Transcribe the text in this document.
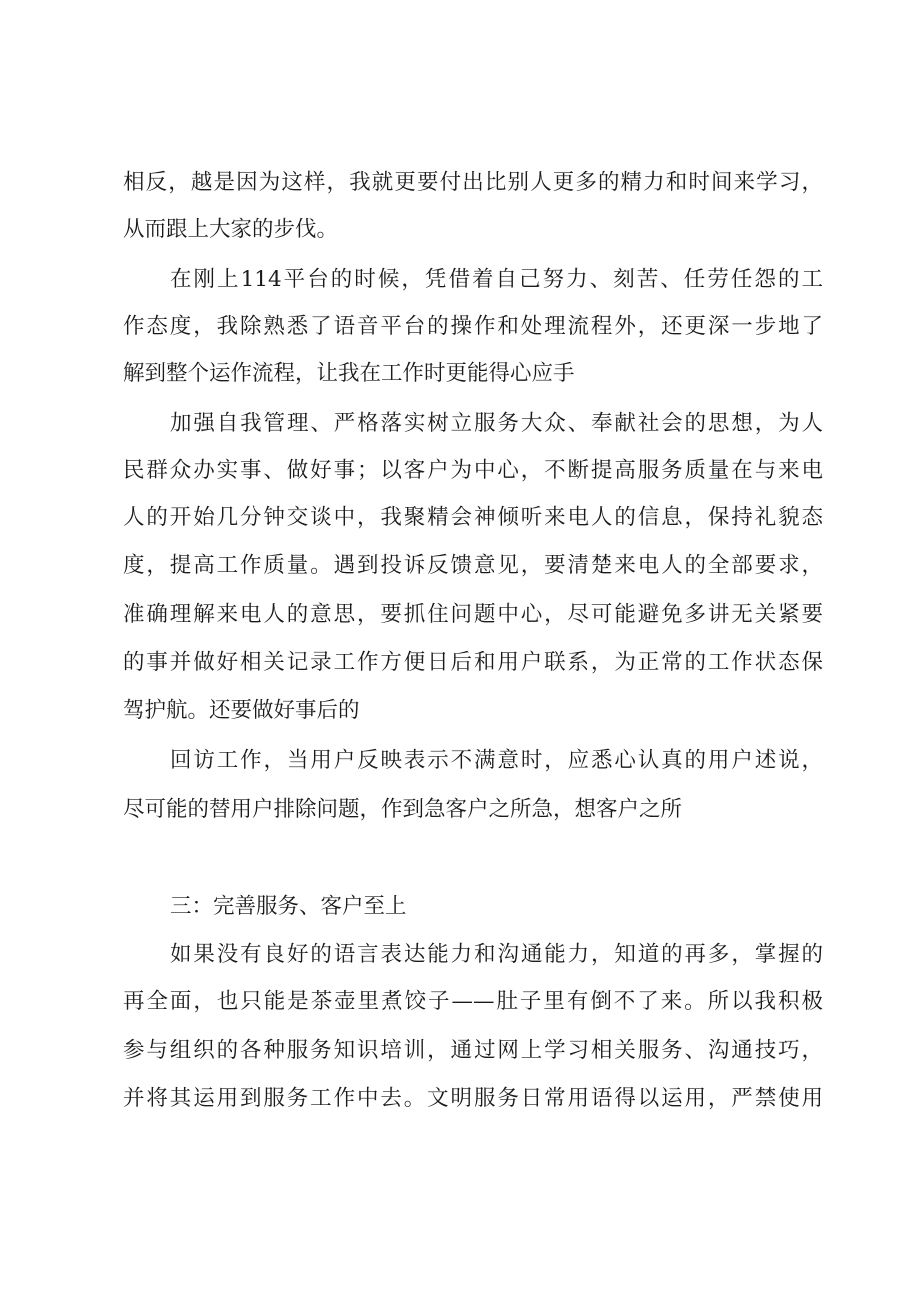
相反，越是因为这样，我就更要付出比别人更多的精力和时间来学习，
从而跟上大家的步伐。
在刚上114平台的时候，凭借着自己努力、刻苦、任劳任怨的工
作态度，我除熟悉了语音平台的操作和处理流程外，还更深一步地了
解到整个运作流程，让我在工作时更能得心应手
加强自我管理、严格落实树立服务大众、奉献社会的思想，为人
民群众办实事、做好事；以客户为中心，不断提高服务质量在与来电
人的开始几分钟交谈中，我聚精会神倾听来电人的信息，保持礼貌态
度，提高工作质量。遇到投诉反馈意见，要清楚来电人的全部要求，
准确理解来电人的意思，要抓住问题中心，尽可能避免多讲无关紧要
的事并做好相关记录工作方便日后和用户联系，为正常的工作状态保
驾护航。还要做好事后的
回访工作，当用户反映表示不满意时，应悉心认真的用户述说，
尽可能的替用户排除问题，作到急客户之所急，想客户之所
三：完善服务、客户至上
如果没有良好的语言表达能力和沟通能力，知道的再多，掌握的
再全面，也只能是茶壶里煮饺子——肚子里有倒不了来。所以我积极
参与组织的各种服务知识培训，通过网上学习相关服务、沟通技巧，
并将其运用到服务工作中去。文明服务日常用语得以运用，严禁使用
